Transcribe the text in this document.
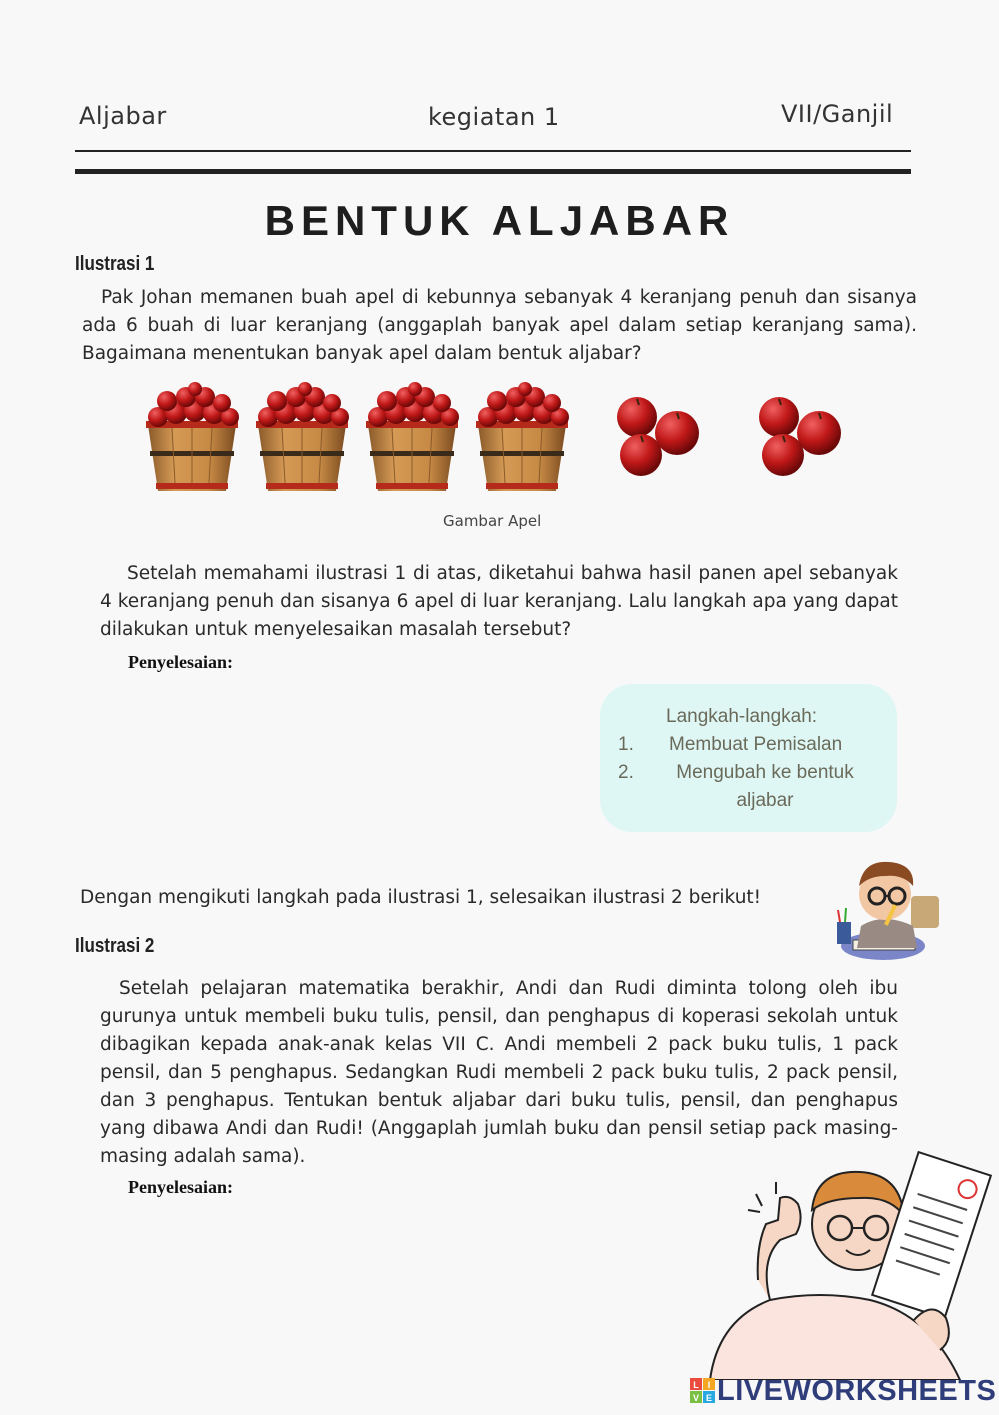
Aljabar	kegiatan 1	VII/Ganjil
BENTUK ALJABAR
Ilustrasi 1
Pak Johan memanen buah apel di kebunnya sebanyak 4 keranjang penuh dan sisanya ada 6 buah di luar keranjang (anggaplah banyak apel dalam setiap keranjang sama). Bagaimana menentukan banyak apel dalam bentuk aljabar?
Gambar Apel
Setelah memahami ilustrasi 1 di atas, diketahui bahwa hasil panen apel sebanyak 4 keranjang penuh dan sisanya 6 apel di luar keranjang. Lalu langkah apa yang dapat dilakukan untuk menyelesaikan masalah tersebut?
Penyelesaian:
Langkah-langkah:
1. Membuat Pemisalan
2.	Mengubah ke bentuk aljabar
Dengan mengikuti langkah pada ilustrasi 1, selesaikan ilustrasi 2 berikut!
Ilustrasi 2
Setelah pelajaran matematika berakhir, Andi dan Rudi diminta tolong oleh ibu gurunya untuk membeli buku tulis, pensil, dan penghapus di koperasi sekolah untuk dibagikan kepada anak-anak kelas VII C. Andi membeli 2 pack buku tulis, 1 pack pensil, dan 5 penghapus. Sedangkan Rudi membeli 2 pack buku tulis, 2 pack pensil, dan 3 penghapus. Tentukan bentuk aljabar dari buku tulis, pensil, dan penghapus yang dibawa Andi dan Rudi! (Anggaplah jumlah buku dan pensil setiap pack masing-masing adalah sama).
Penyelesaian:
L I
V E LIVEWORKSHEETS
